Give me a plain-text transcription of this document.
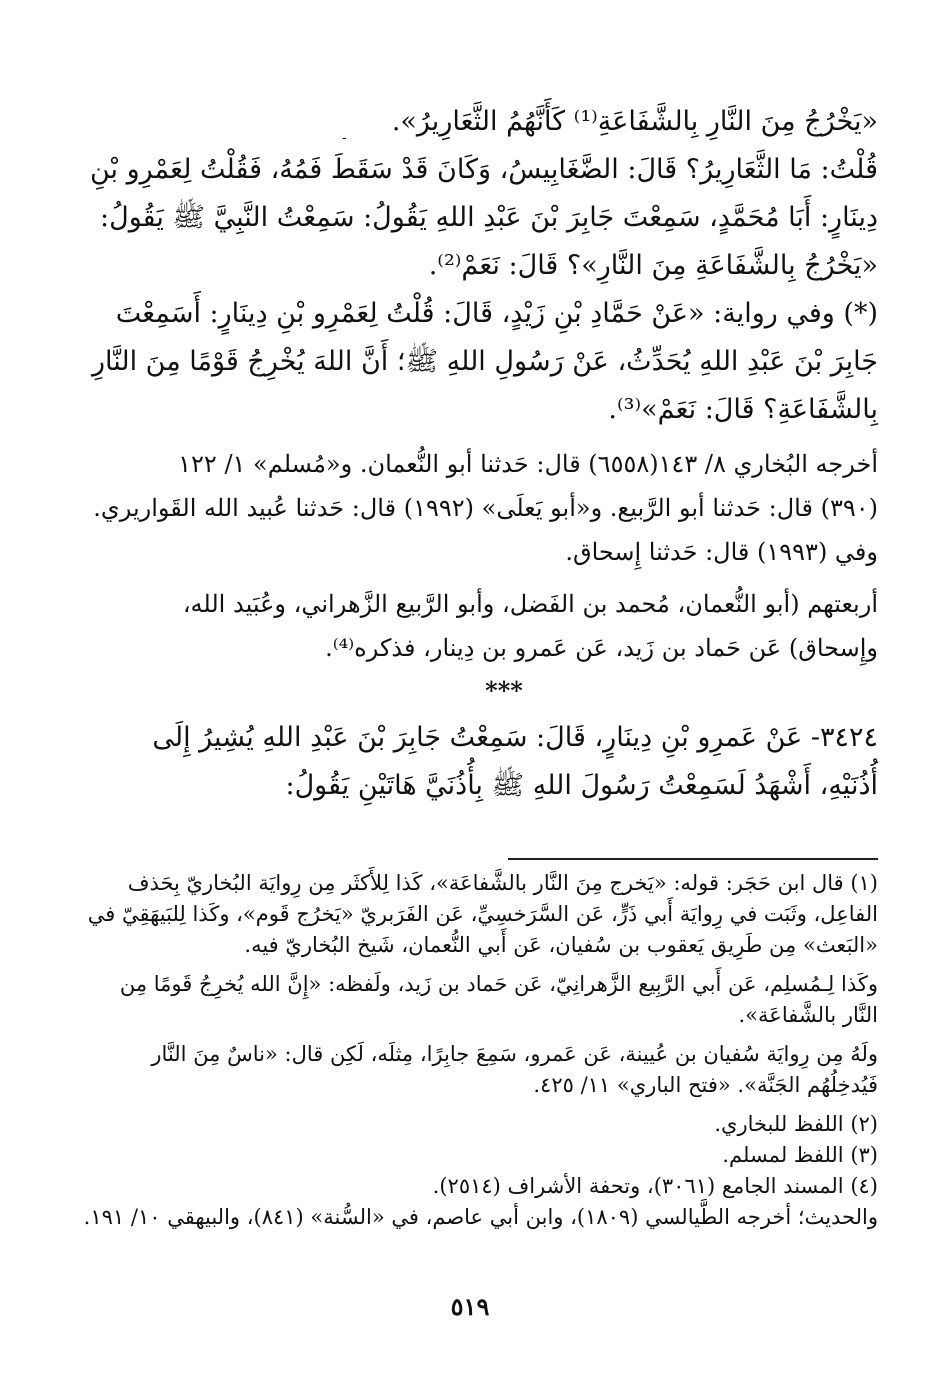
-

«يَخْرُجُ مِنَ النَّارِ بِالشَّفَاعَةِ⁽¹⁾ كَأَنَّهُمُ الثَّعَارِيرُ».

قُلْتُ: مَا الثَّعَارِيرُ؟ قَالَ: الضَّغَابِيسُ، وَكَانَ قَدْ سَقَطَ فَمُهُ، فَقُلْتُ لِعَمْرِو بْنِ

دِينَارٍ: أَبَا مُحَمَّدٍ، سَمِعْتَ جَابِرَ بْنَ عَبْدِ اللهِ يَقُولُ: سَمِعْتُ النَّبِيَّ ﷺ يَقُولُ:

«يَخْرُجُ بِالشَّفَاعَةِ مِنَ النَّارِ»؟ قَالَ: نَعَمْ⁽²⁾.

(*) وفي رواية: «عَنْ حَمَّادِ بْنِ زَيْدٍ، قَالَ: قُلْتُ لِعَمْرِو بْنِ دِينَارٍ: أَسَمِعْتَ

جَابِرَ بْنَ عَبْدِ اللهِ يُحَدِّثُ، عَنْ رَسُولِ اللهِ ﷺ؛ أَنَّ اللهَ يُخْرِجُ قَوْمًا مِنَ النَّارِ

بِالشَّفَاعَةِ؟ قَالَ: نَعَمْ»⁽³⁾.

أخرجه البُخاري ٨/ ١٤٣(٦٥٥٨) قال: حَدثنا أبو النُّعمان. و«مُسلم» ١/ ١٢٢

(٣٩٠) قال: حَدثنا أبو الرَّبيع. و«أبو يَعلَى» (١٩٩٢) قال: حَدثنا عُبيد الله القَواريري.

وفي (١٩٩٣) قال: حَدثنا إِسحاق.

أربعتهم (أبو النُّعمان، مُحمد بن الفَضل، وأبو الرَّبيع الزَّهراني، وعُبَيد الله،

وإِسحاق) عَن حَماد بن زَيد، عَن عَمرو بن دِينار، فذكره⁽⁴⁾.

***

٣٤٢٤- عَنْ عَمرِو بْنِ دِينَارٍ، قَالَ: سَمِعْتُ جَابِرَ بْنَ عَبْدِ اللهِ يُشِيرُ إِلَى

أُذُنَيْهِ، أَشْهَدُ لَسَمِعْتُ رَسُولَ اللهِ ﷺ بِأُذُنَيَّ هَاتَيْنِ يَقُولُ:

(١) قال ابن حَجَر: قوله: «يَخرج مِنَ النَّار بالشَّفاعَة»، كَذا لِلأَكثَر مِن رِوايَة البُخاريّ بِحَذف

الفاعِل، وثَبَت في رِوايَة أَبي ذَرٍّ، عَن السَّرَخسِيِّ، عَن الفَرَبريّ «يَخرُج قَوم»، وكَذا لِلبَيهَقِيّ في

«البَعث» مِن طَرِيق يَعقوب بن سُفيان، عَن أَبي النُّعمان، شَيخ البُخاريّ فيه.

وكَذا لِـمُسلِم، عَن أَبي الرَّبِيع الزَّهرانِيّ، عَن حَماد بن زَيد، ولَفظه: «إِنَّ الله يُخرِجُ قَومًا مِن

النَّار بالشَّفاعَة».

ولَهُ مِن رِوايَة سُفيان بن عُيينة، عَن عَمرو، سَمِعَ جابِرًا، مِثلَه، لَكِن قال: «ناسٌ مِنَ النَّار

فَيُدخِلُهُم الجَنَّة». «فتح الباري» ١١/ ٤٢٥.

(٢) اللفظ للبخاري.

(٣) اللفظ لمسلم.

(٤) المسند الجامع (٣٠٦١)، وتحفة الأشراف (٢٥١٤).

والحديث؛ أخرجه الطَّيالسي (١٨٠٩)، وابن أبي عاصم، في «السُّنة» (٨٤١)، والبيهقي ١٠/ ١٩١.

٥١٩
